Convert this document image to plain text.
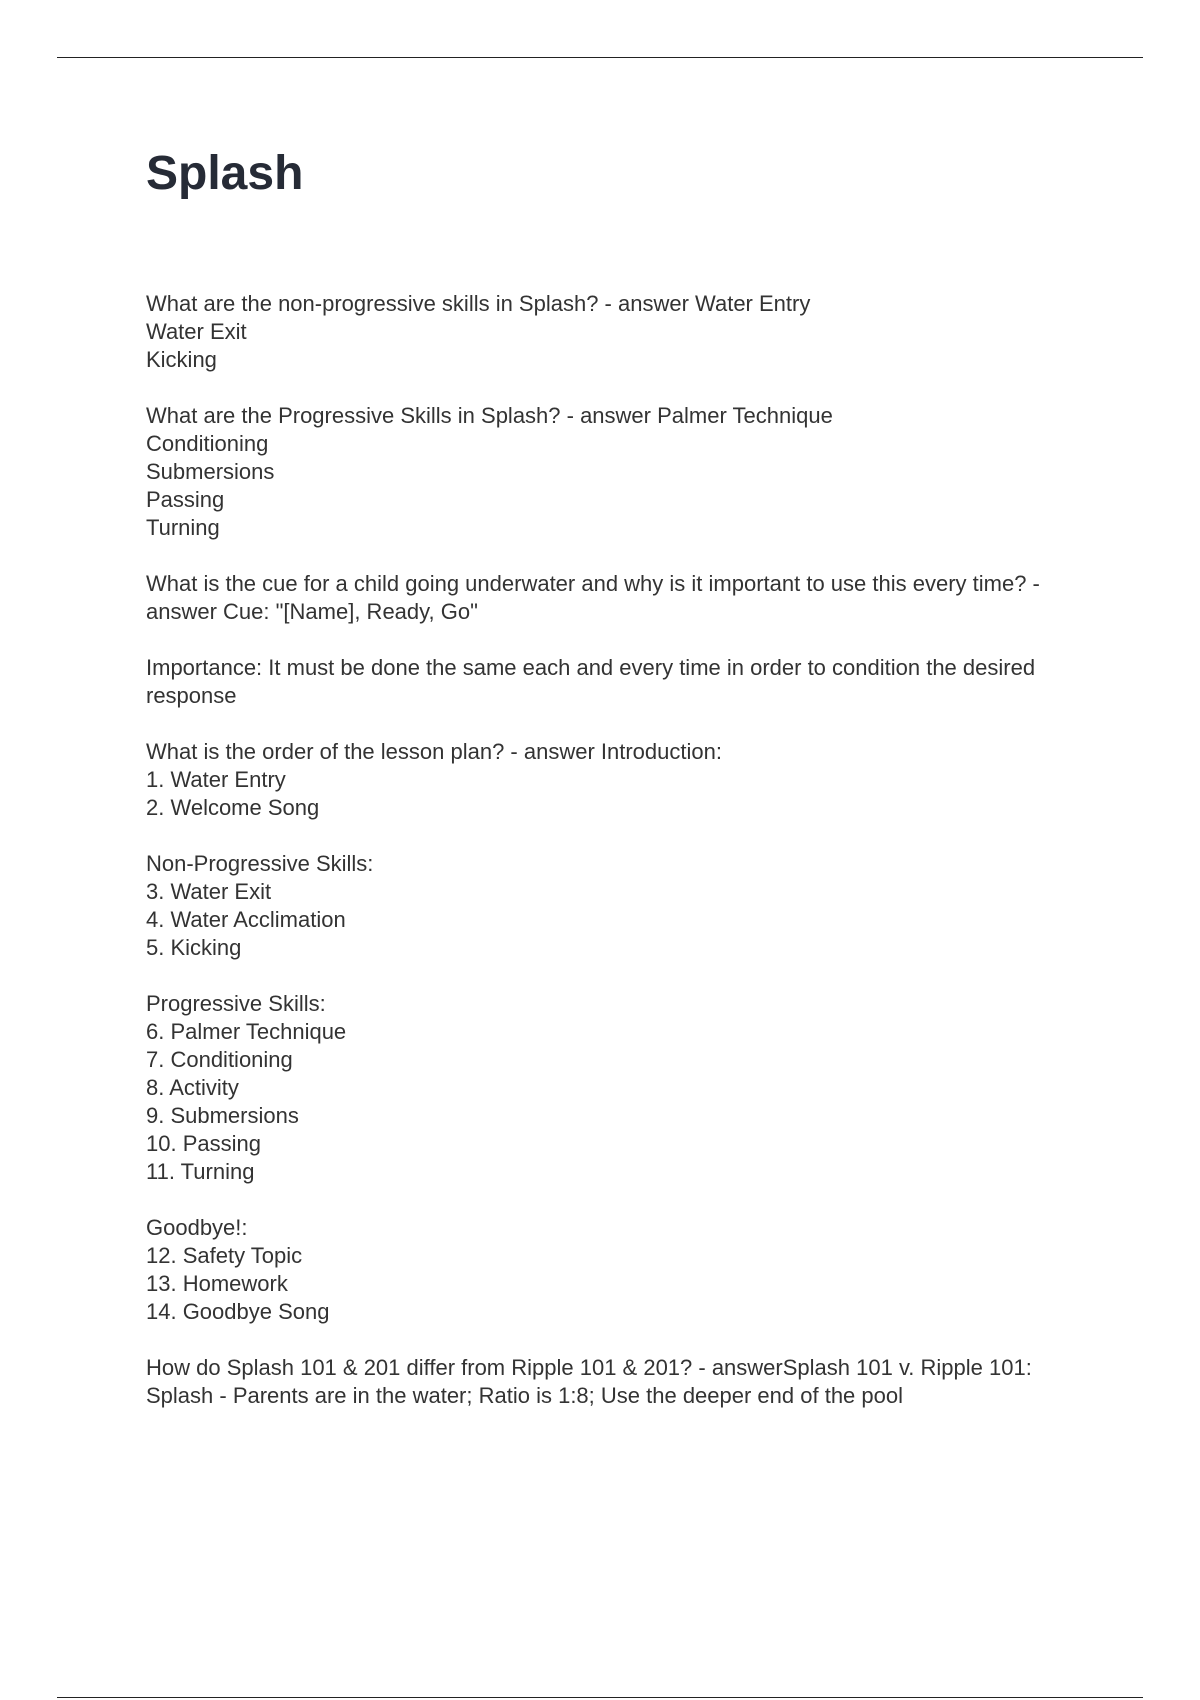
Splash

What are the non-progressive skills in Splash? - answer Water Entry
Water Exit
Kicking

What are the Progressive Skills in Splash? - answer Palmer Technique
Conditioning
Submersions
Passing
Turning

What is the cue for a child going underwater and why is it important to use this every time? - answer Cue: "[Name], Ready, Go"

Importance: It must be done the same each and every time in order to condition the desired response

What is the order of the lesson plan? - answer Introduction:
1. Water Entry
2. Welcome Song

Non-Progressive Skills:
3. Water Exit
4. Water Acclimation
5. Kicking

Progressive Skills:
6. Palmer Technique
7. Conditioning
8. Activity
9. Submersions
10. Passing
11. Turning

Goodbye!:
12. Safety Topic
13. Homework
14. Goodbye Song

How do Splash 101 & 201 differ from Ripple 101 & 201? - answerSplash 101 v. Ripple 101:
Splash - Parents are in the water; Ratio is 1:8; Use the deeper end of the pool
